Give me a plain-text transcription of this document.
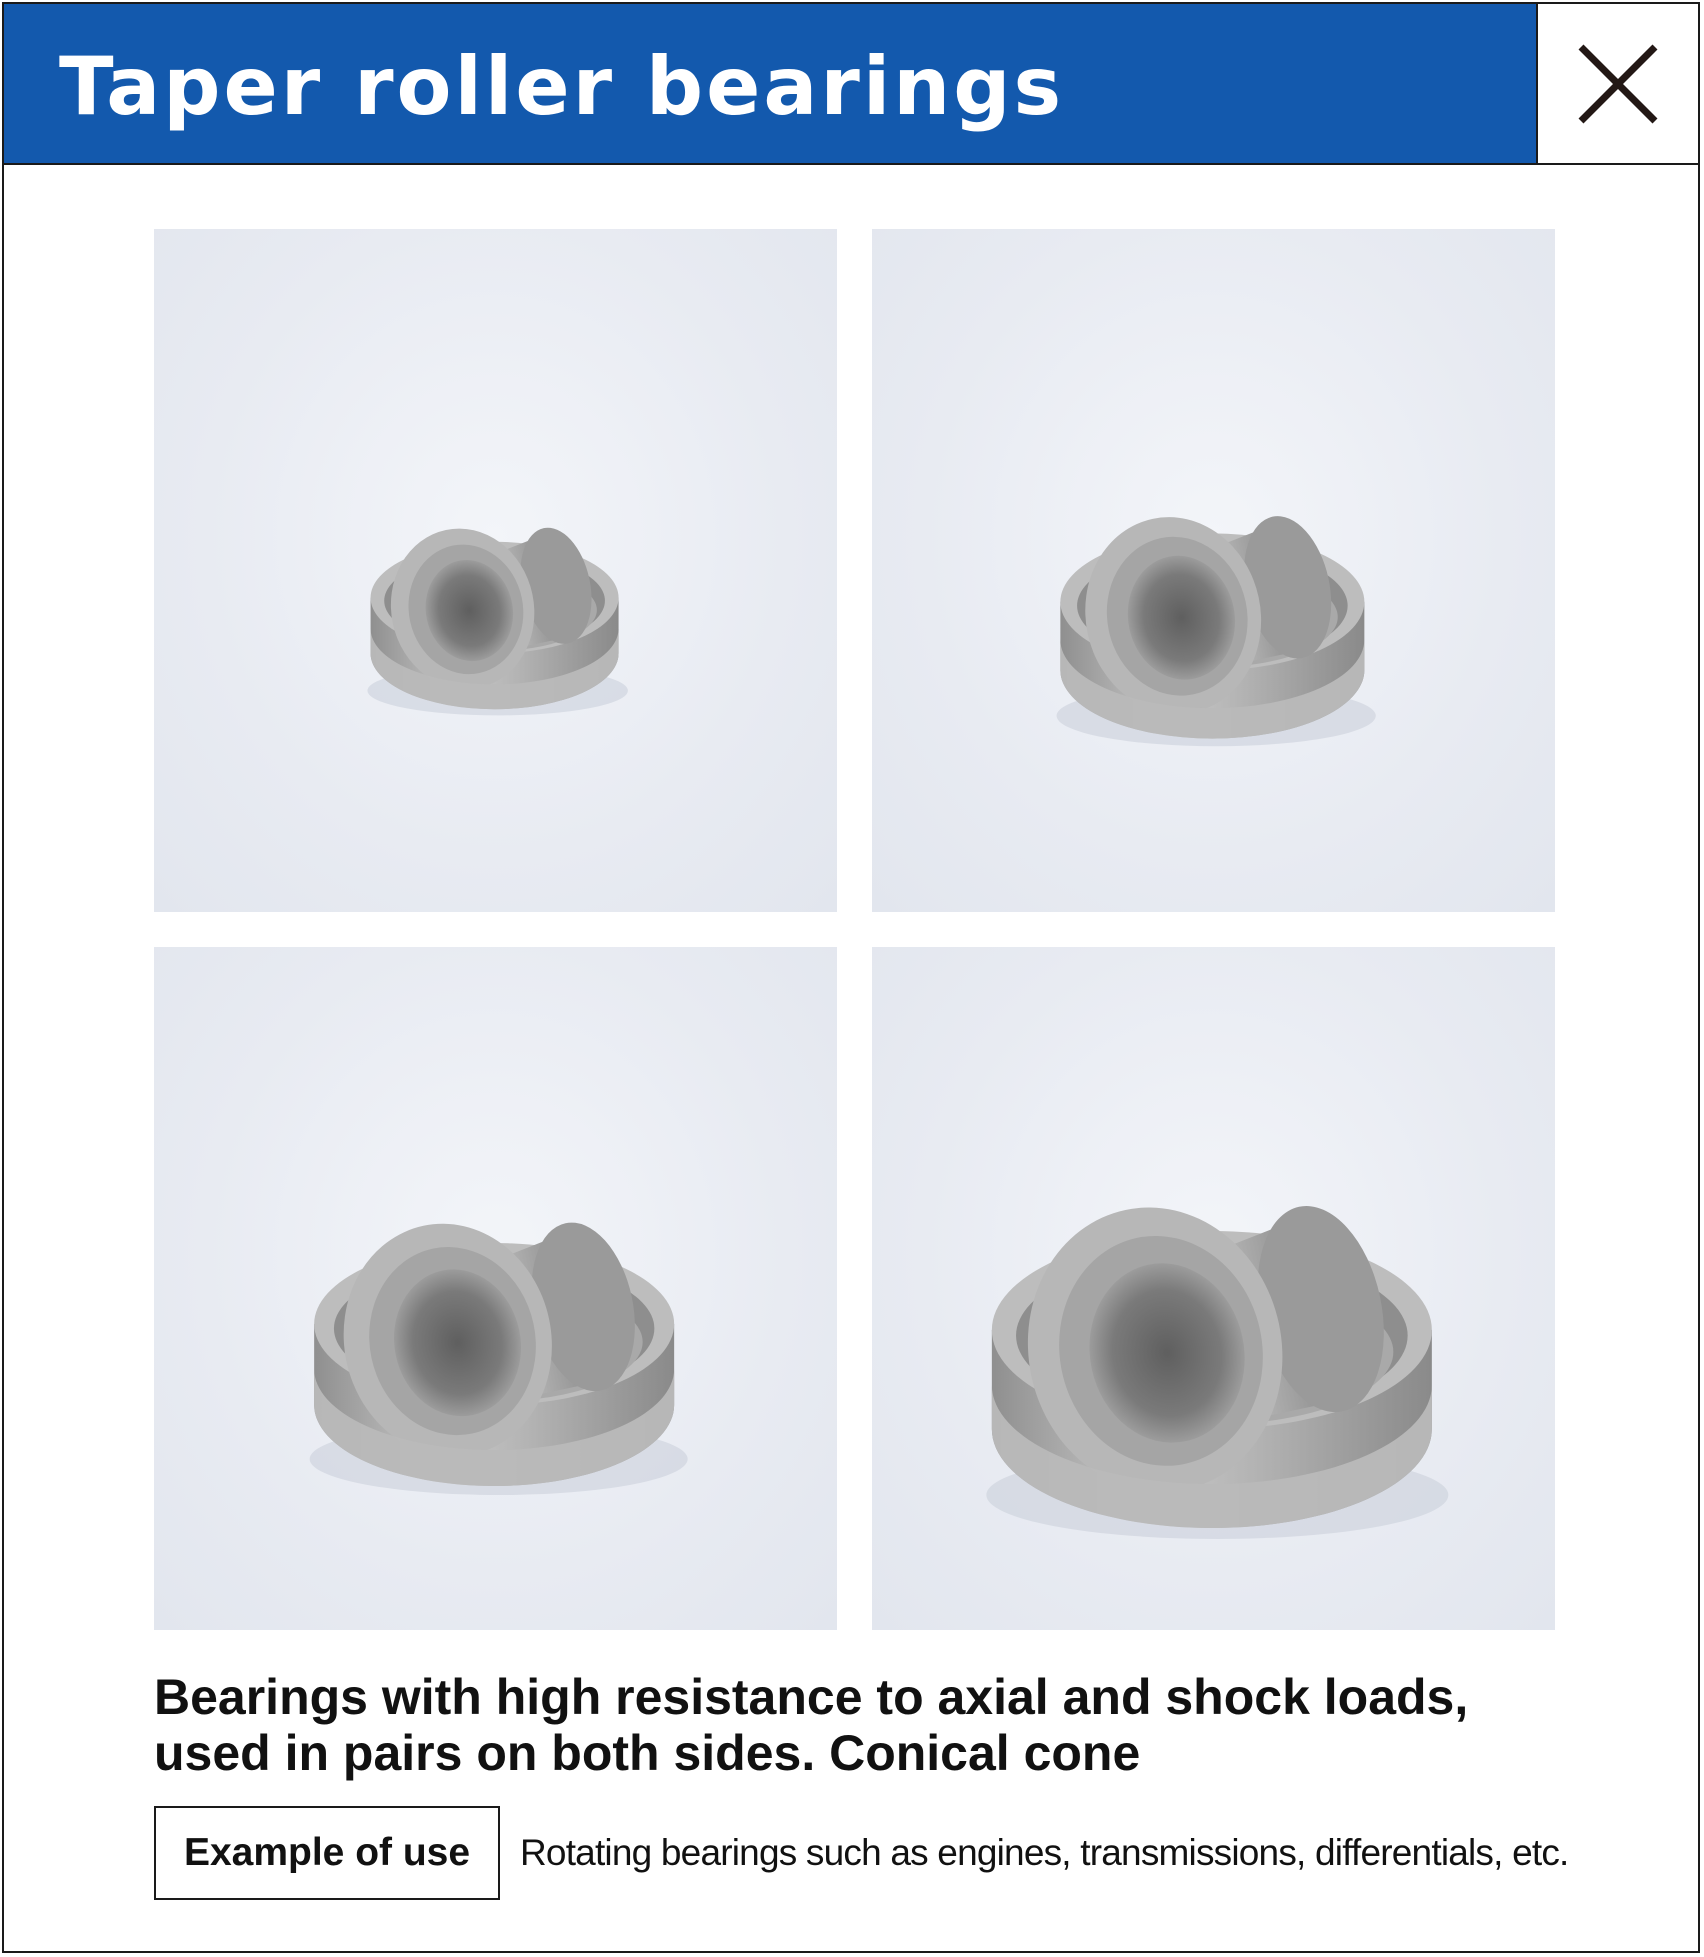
Taper roller bearings
Bearings with high resistance to axial and shock loads,
used in pairs on both sides. Conical cone
Example of use	Rotating bearings such as engines, transmissions, differentials, etc.
